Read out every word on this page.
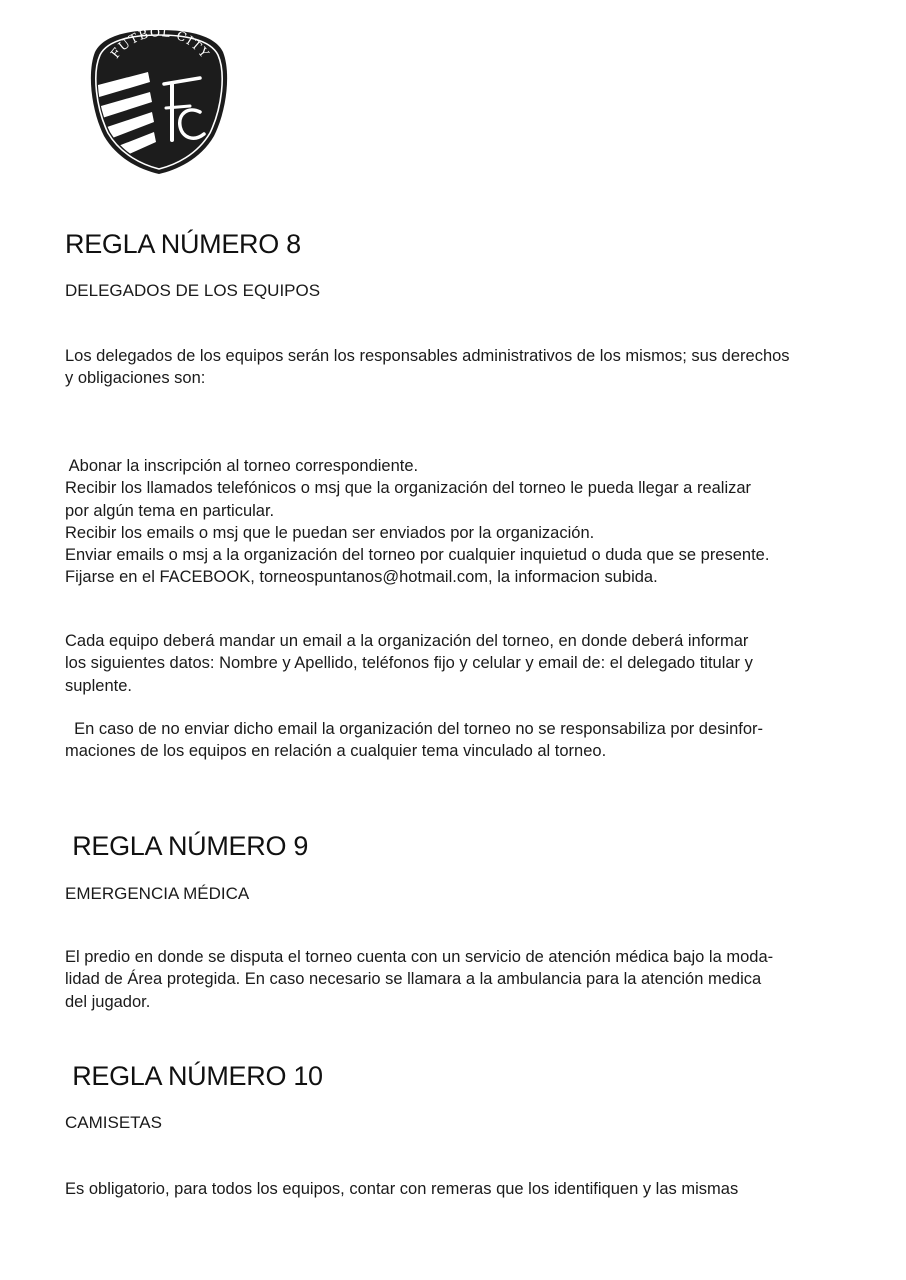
FUTBOL CITY
REGLA NÚMERO 8
DELEGADOS DE LOS EQUIPOS

Los delegados de los equipos serán los responsables administrativos de los mismos; sus derechos
y obligaciones son:

Abonar la inscripción al torneo correspondiente.
Recibir los llamados telefónicos o msj que la organización del torneo le pueda llegar a realizar
por algún tema en particular.
Recibir los emails o msj que le puedan ser enviados por la organización.
Enviar emails o msj a la organización del torneo por cualquier inquietud o duda que se presente.
Fijarse en el FACEBOOK, torneospuntanos@hotmail.com, la informacion subida.

Cada equipo deberá mandar un email a la organización del torneo, en donde deberá informar
los siguientes datos: Nombre y Apellido, teléfonos fijo y celular y email de: el delegado titular y
suplente.

En caso de no enviar dicho email la organización del torneo no se responsabiliza por desinfor-
maciones de los equipos en relación a cualquier tema vinculado al torneo.

REGLA NÚMERO 9
EMERGENCIA MÉDICA

El predio en donde se disputa el torneo cuenta con un servicio de atención médica bajo la moda-
lidad de Área protegida. En caso necesario se llamara a la ambulancia para la atención medica
del jugador.

REGLA NÚMERO 10
CAMISETAS

Es obligatorio, para todos los equipos, contar con remeras que los identifiquen y las mismas
